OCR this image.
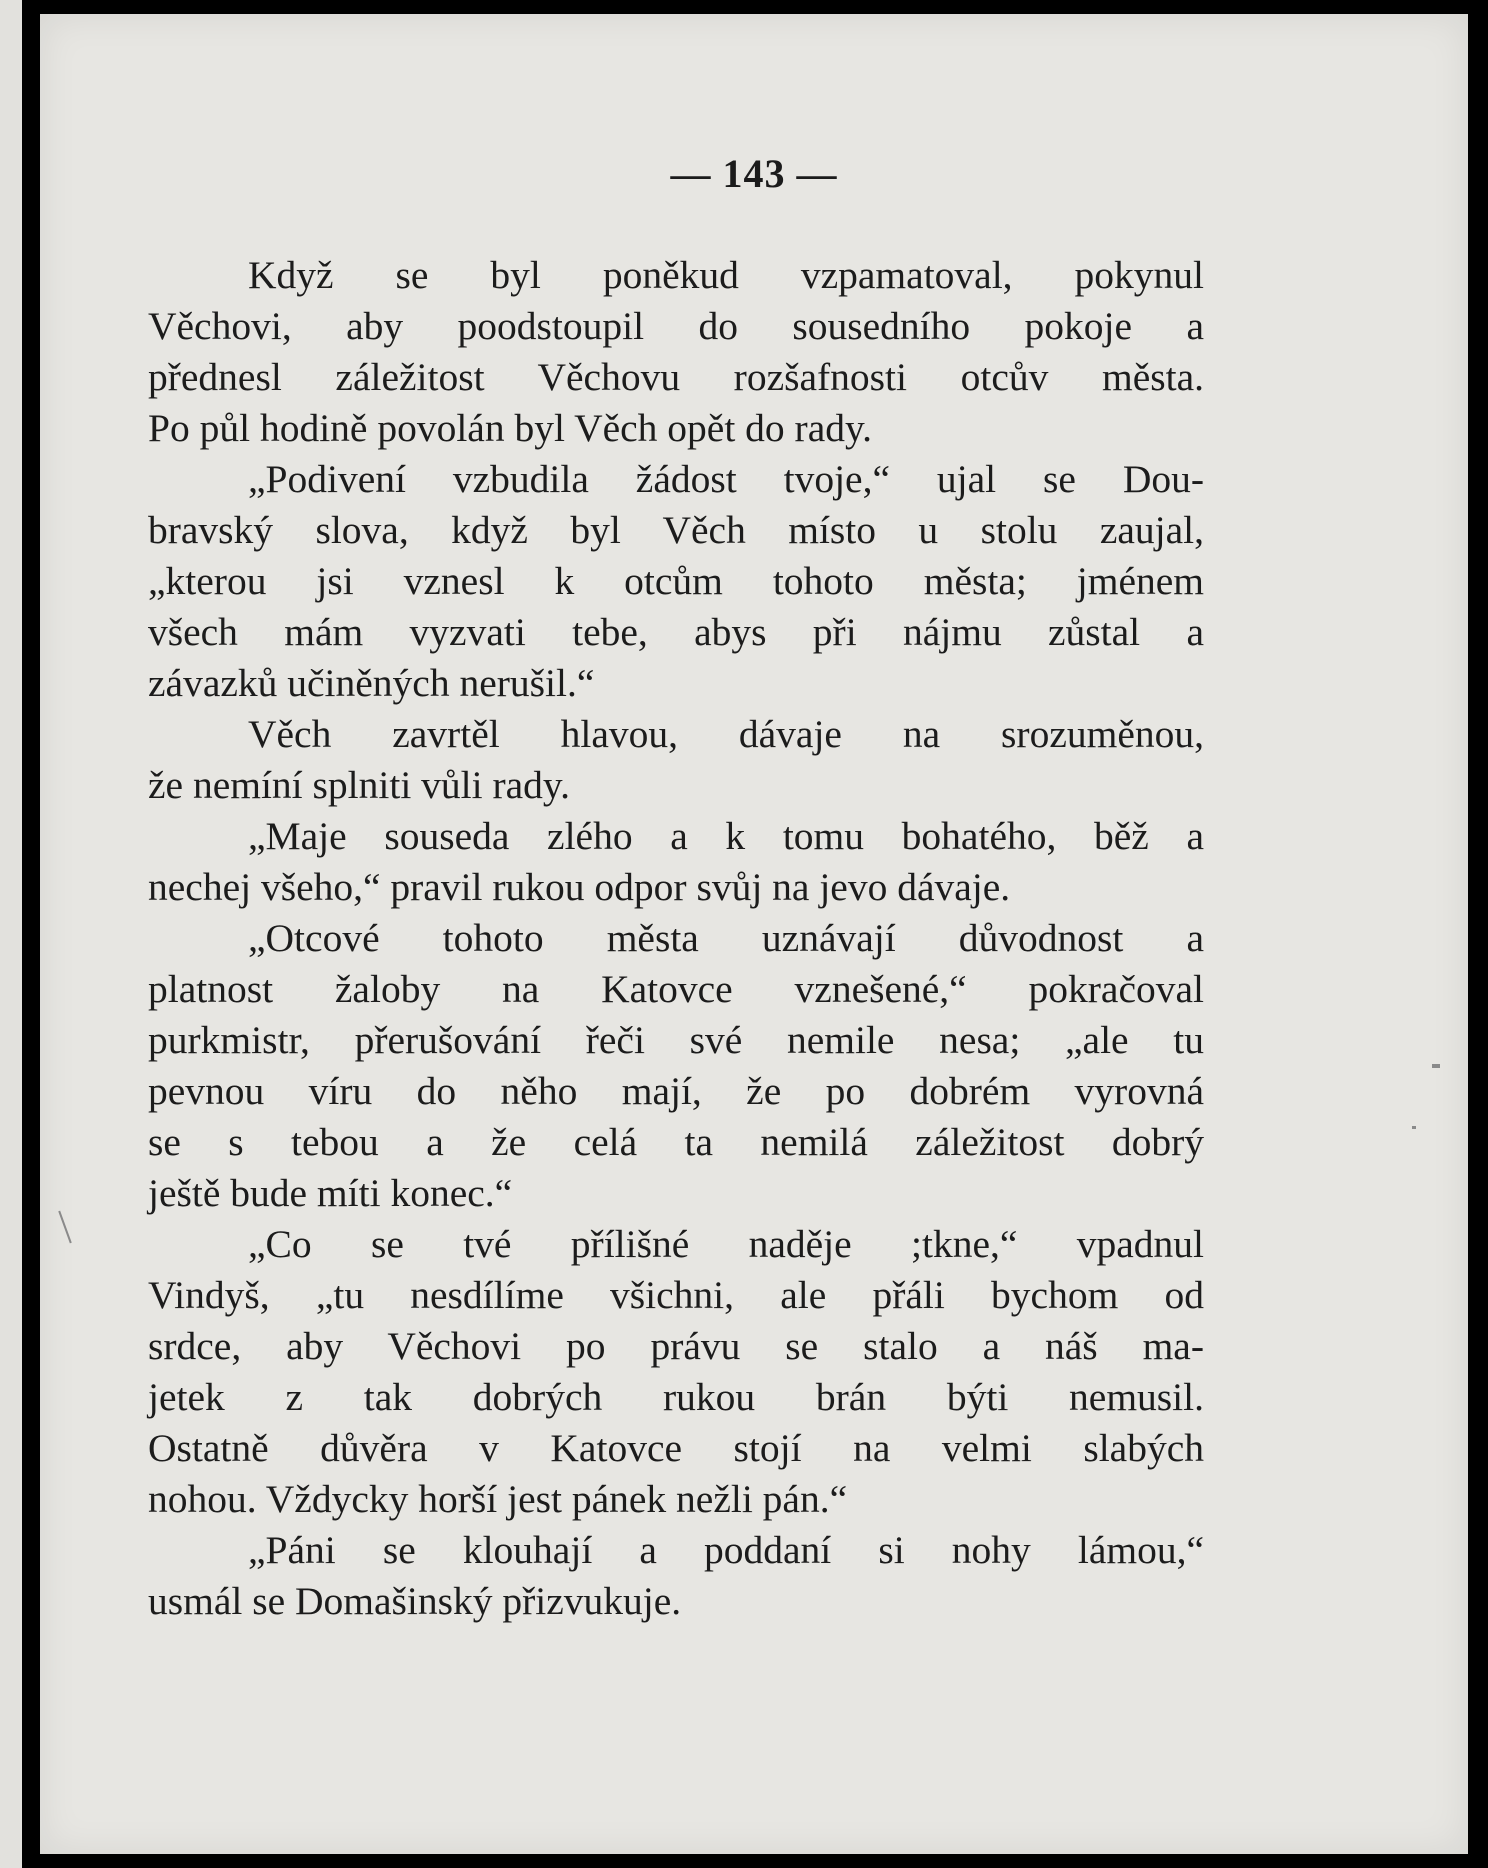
— 143 —
Když se byl poněkud vzpamatoval, pokynul
Věchovi, aby poodstoupil do sousedního pokoje a
přednesl záležitost Věchovu rozšafnosti otcův města.
Po půl hodině povolán byl Věch opět do rady.
„Podivení vzbudila žádost tvoje,“ ujal se Dou-
bravský slova, když byl Věch místo u stolu zaujal,
„kterou jsi vznesl k otcům tohoto města; jménem
všech mám vyzvati tebe, abys při nájmu zůstal a
závazků učiněných nerušil.“
Věch zavrtěl hlavou, dávaje na srozuměnou,
že nemíní splniti vůli rady.
„Maje souseda zlého a k tomu bohatého, běž a
nechej všeho,“ pravil rukou odpor svůj na jevo dávaje.
„Otcové tohoto města uznávají důvodnost a
platnost žaloby na Katovce vznešené,“ pokračoval
purkmistr, přerušování řeči své nemile nesa; „ale tu
pevnou víru do něho mají, že po dobrém vyrovná
se s tebou a že celá ta nemilá záležitost dobrý
ještě bude míti konec.“
„Co se tvé přílišné naděje ;tkne,“ vpadnul
Vindyš, „tu nesdílíme všichni, ale přáli bychom od
srdce, aby Věchovi po právu se stalo a náš ma-
jetek z tak dobrých rukou brán býti nemusil.
Ostatně důvěra v Katovce stojí na velmi slabých
nohou. Vždycky horší jest pánek nežli pán.“
„Páni se klouhají a poddaní si nohy lámou,“
usmál se Domašinský přizvukuje.
